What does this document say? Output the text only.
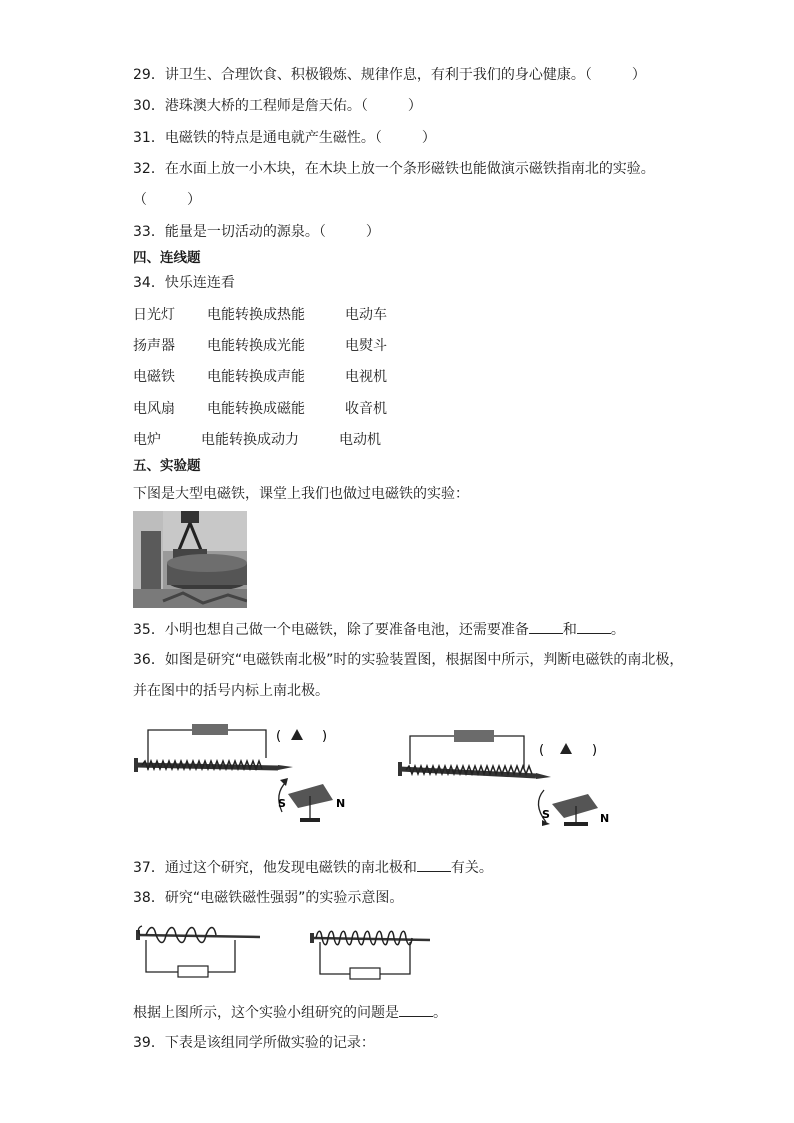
29．讲卫生、合理饮食、积极锻炼、规律作息，有利于我们的身心健康。（	）
30．港珠澳大桥的工程师是詹天佑。（	）
31．电磁铁的特点是通电就产生磁性。（	）
32．在水面上放一小木块，在木块上放一个条形磁铁也能做演示磁铁指南北的实验。
（	）
33．能量是一切活动的源泉。（	）
四、连线题
34．快乐连连看
日光灯 电能转换成热能	电动车
扬声器 电能转换成光能	电熨斗
电磁铁 电能转换成声能	电视机
电风扇 电能转换成磁能	收音机
电炉	电能转换成动力	电动机
五、实验题
下图是大型电磁铁，课堂上我们也做过电磁铁的实验：
35．小明也想自己做一个电磁铁，除了要准备电池，还需要准备 和 。
36．如图是研究“电磁铁南北极”时的实验装置图，根据图中所示，判断电磁铁的南北极，
并在图中的括号内标上南北极。
(	)
S	N
(	)
S	N
37．通过这个研究，他发现电磁铁的南北极和 有关。
38．研究“电磁铁磁性强弱”的实验示意图。
根据上图所示，这个实验小组研究的问题是 。
39．下表是该组同学所做实验的记录：
